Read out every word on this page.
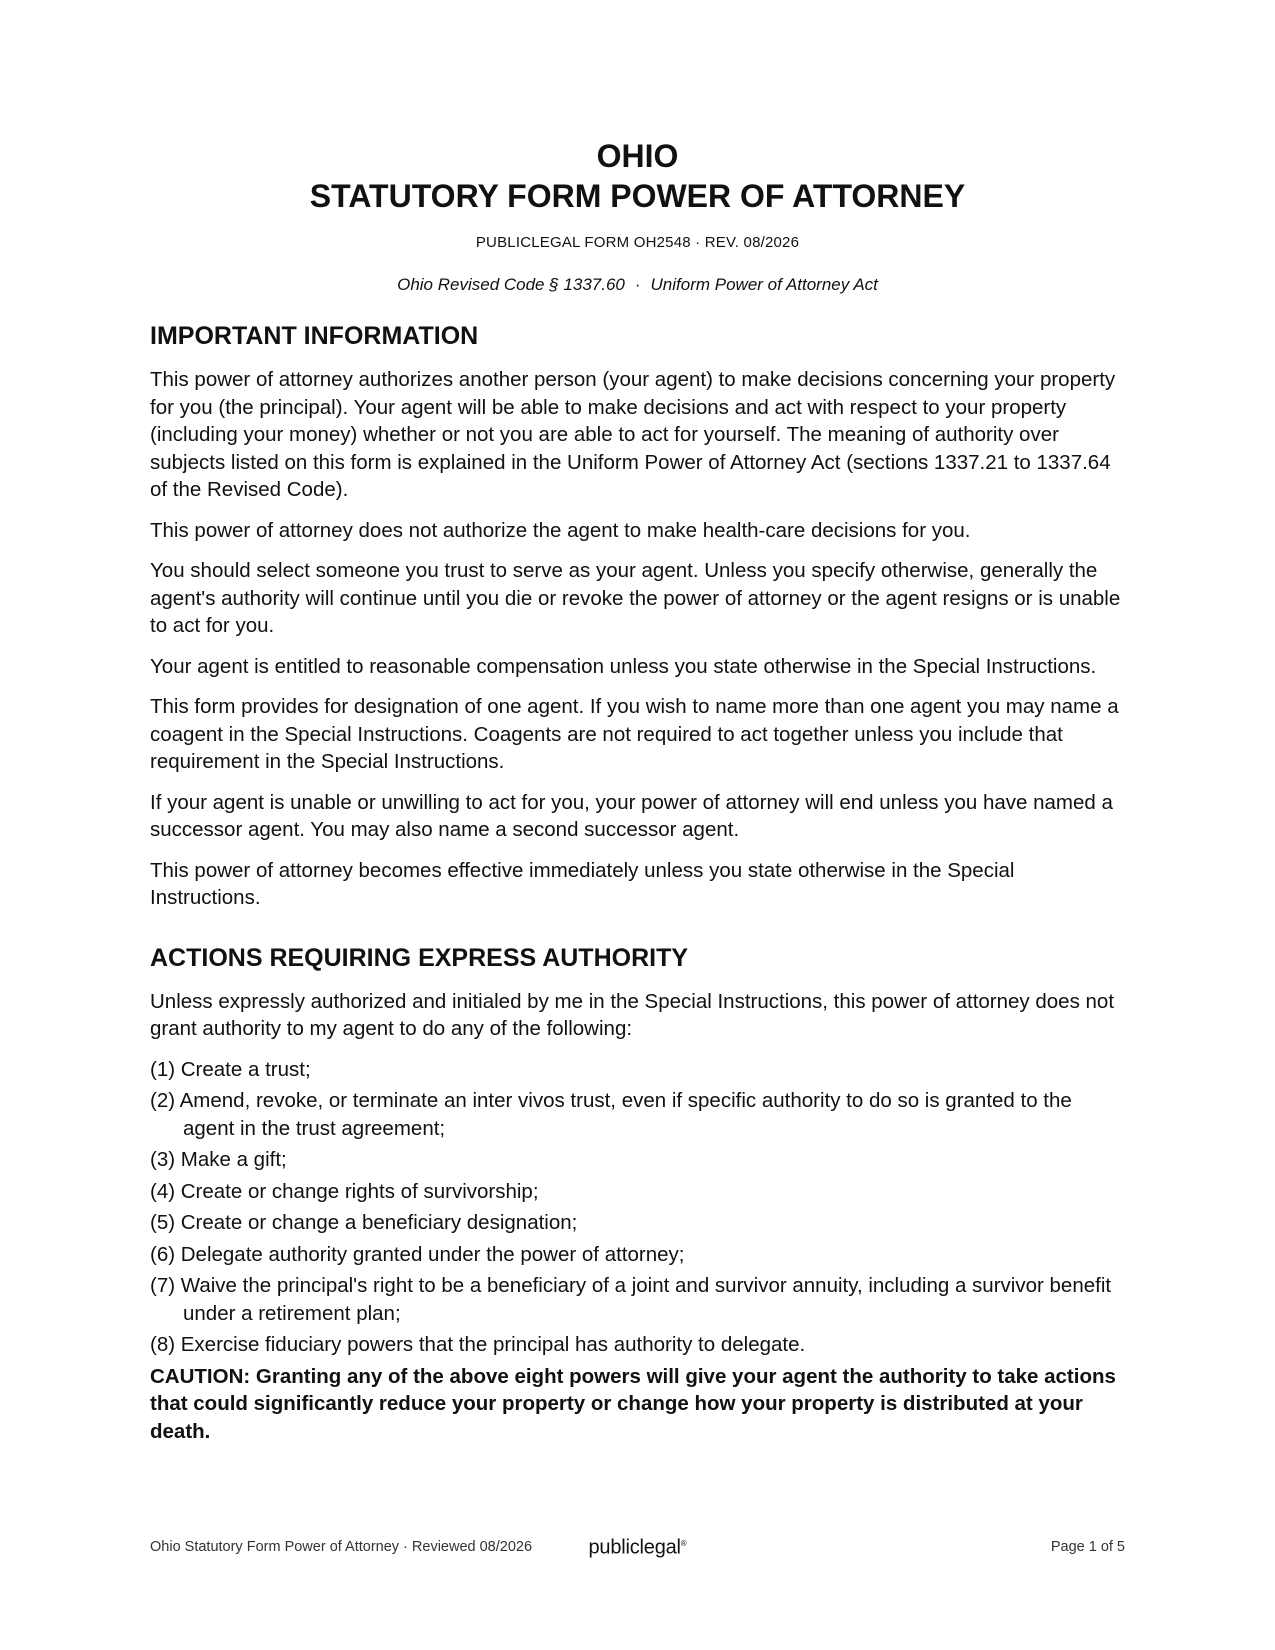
OHIO
STATUTORY FORM POWER OF ATTORNEY
PUBLICLEGAL FORM OH2548 · REV. 08/2026
Ohio Revised Code § 1337.60 · Uniform Power of Attorney Act
IMPORTANT INFORMATION

This power of attorney authorizes another person (your agent) to make decisions concerning your property for you (the principal). Your agent will be able to make decisions and act with respect to your property (including your money) whether or not you are able to act for yourself. The meaning of authority over subjects listed on this form is explained in the Uniform Power of Attorney Act (sections 1337.21 to 1337.64 of the Revised Code).

This power of attorney does not authorize the agent to make health-care decisions for you.

You should select someone you trust to serve as your agent. Unless you specify otherwise, generally the agent's authority will continue until you die or revoke the power of attorney or the agent resigns or is unable to act for you.

Your agent is entitled to reasonable compensation unless you state otherwise in the Special Instructions.

This form provides for designation of one agent. If you wish to name more than one agent you may name a coagent in the Special Instructions. Coagents are not required to act together unless you include that requirement in the Special Instructions.

If your agent is unable or unwilling to act for you, your power of attorney will end unless you have named a successor agent. You may also name a second successor agent.

This power of attorney becomes effective immediately unless you state otherwise in the Special Instructions.

ACTIONS REQUIRING EXPRESS AUTHORITY

Unless expressly authorized and initialed by me in the Special Instructions, this power of attorney does not grant authority to my agent to do any of the following:

(1) Create a trust;
(2) Amend, revoke, or terminate an inter vivos trust, even if specific authority to do so is granted to the agent in the trust agreement;
(3) Make a gift;
(4) Create or change rights of survivorship;
(5) Create or change a beneficiary designation;
(6) Delegate authority granted under the power of attorney;
(7) Waive the principal's right to be a beneficiary of a joint and survivor annuity, including a survivor benefit under a retirement plan;
(8) Exercise fiduciary powers that the principal has authority to delegate.
CAUTION: Granting any of the above eight powers will give your agent the authority to take actions that could significantly reduce your property or change how your property is distributed at your death.
Ohio Statutory Form Power of Attorney · Reviewed 08/2026	publiclegal®	Page 1 of 5
